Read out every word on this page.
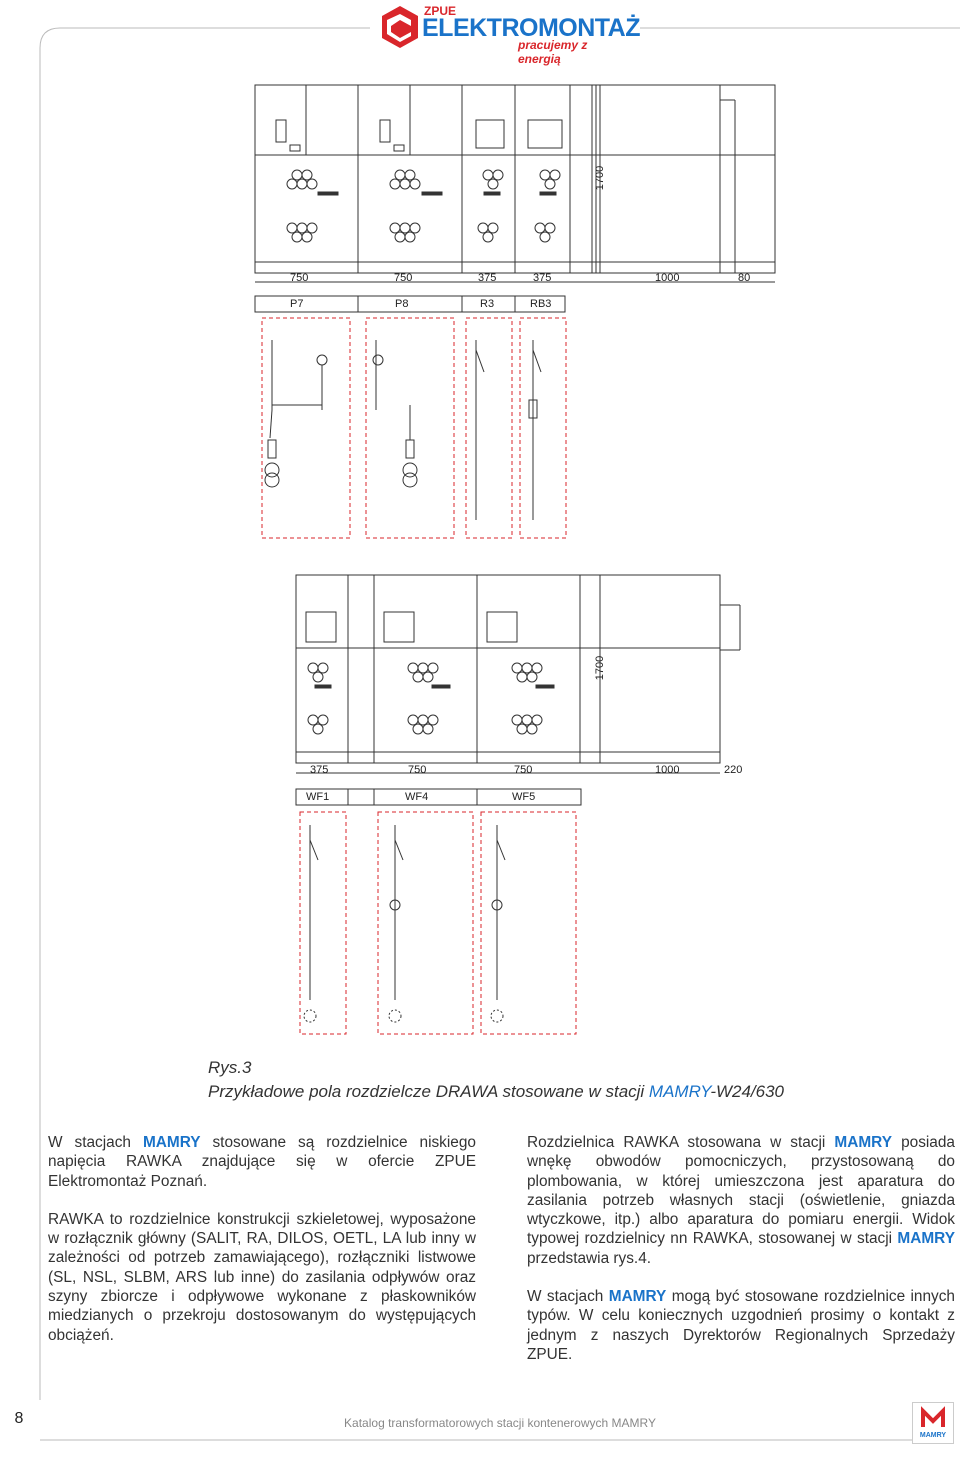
ZPUE
ELEKTROMONTAŻ
pracujemy z energią
750	750	375	375	1000	80
1700
P7	P8	R3	RB3
375	750	750	1000	220
1700
WF1	WF4	WF5
Rys.3
Przykładowe pola rozdzielcze DRAWA stosowane w stacji MAMRY-W24/630

W stacjach MAMRY stosowane są rozdzielnice niskiego napięcia RAWKA znajdujące się w ofercie ZPUE Elektromontaż Poznań.

RAWKA to rozdzielnice konstrukcji szkieletowej, wyposażone w rozłącznik główny (SALIT, RA, DILOS, OETL, LA lub inny w zależności od potrzeb zamawiającego), rozłączniki listwowe (SL, NSL, SLBM, ARS lub inne) do zasilania odpływów oraz szyny zbiorcze i odpływowe wykonane z płaskowników miedzianych o przekroju dostosowanym do występujących obciążeń.

Rozdzielnica RAWKA stosowana w stacji MAMRY posiada wnękę obwodów pomocniczych, przystosowaną do plombowania, w której umieszczona jest aparatura do zasilania potrzeb własnych stacji (oświetlenie, gniazda wtyczkowe, itp.) albo aparatura do pomiaru energii. Widok typowej rozdzielnicy nn RAWKA, stosowanej w stacji MAMRY przedstawia rys.4.

W stacjach MAMRY mogą być stosowane rozdzielnice innych typów. W celu koniecznych uzgodnień prosimy o kontakt z jednym z naszych Dyrektorów Regionalnych Sprzedaży ZPUE.

8	Katalog transformatorowych stacji kontenerowych MAMRY
MAMRY
